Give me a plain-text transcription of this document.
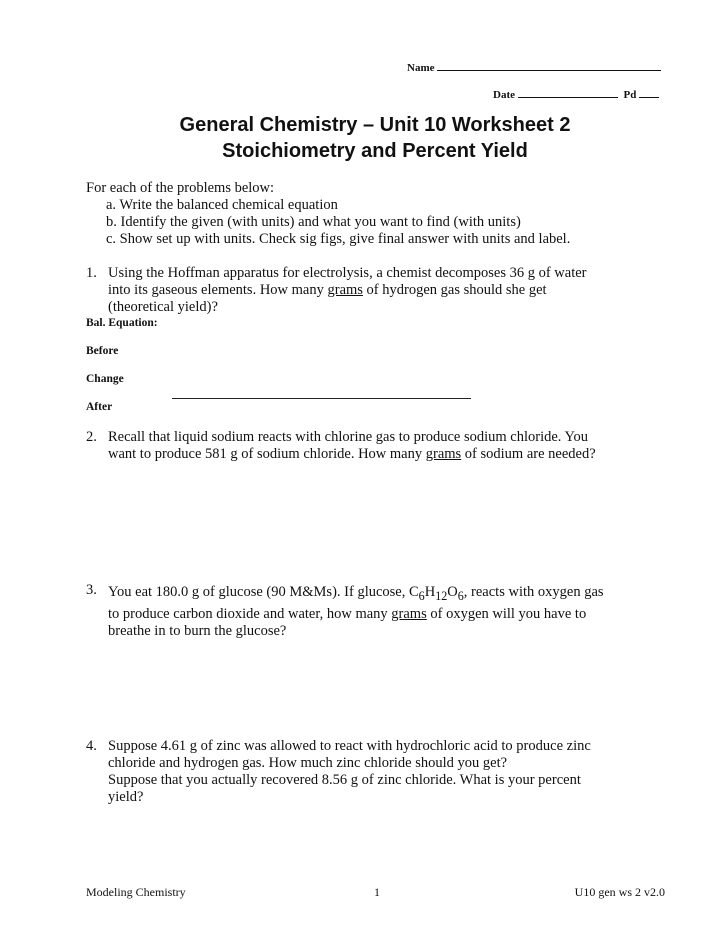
Name
Date	Pd
General Chemistry – Unit 10 Worksheet 2
Stoichiometry and Percent Yield
For each of the problems below:
a. Write the balanced chemical equation
b. Identify the given (with units) and what you want to find (with units)
c. Show set up with units. Check sig figs, give final answer with units and label.
1. Using the Hoffman apparatus for electrolysis, a chemist decomposes 36 g of water
into its gaseous elements. How many grams of hydrogen gas should she get
(theoretical yield)?
Bal. Equation:
Before
Change
After
2. Recall that liquid sodium reacts with chlorine gas to produce sodium chloride. You
want to produce 581 g of sodium chloride. How many grams of sodium are needed?
3. You eat 180.0 g of glucose (90 M&Ms). If glucose, $C_6H_{12}O_6$, reacts with oxygen gas
to produce carbon dioxide and water, how many grams of oxygen will you have to
breathe in to burn the glucose?
4. Suppose 4.61 g of zinc was allowed to react with hydrochloric acid to produce zinc
chloride and hydrogen gas. How much zinc chloride should you get?
Suppose that you actually recovered 8.56 g of zinc chloride. What is your percent
yield?
Modeling Chemistry	1	U10 gen ws 2 v2.0
